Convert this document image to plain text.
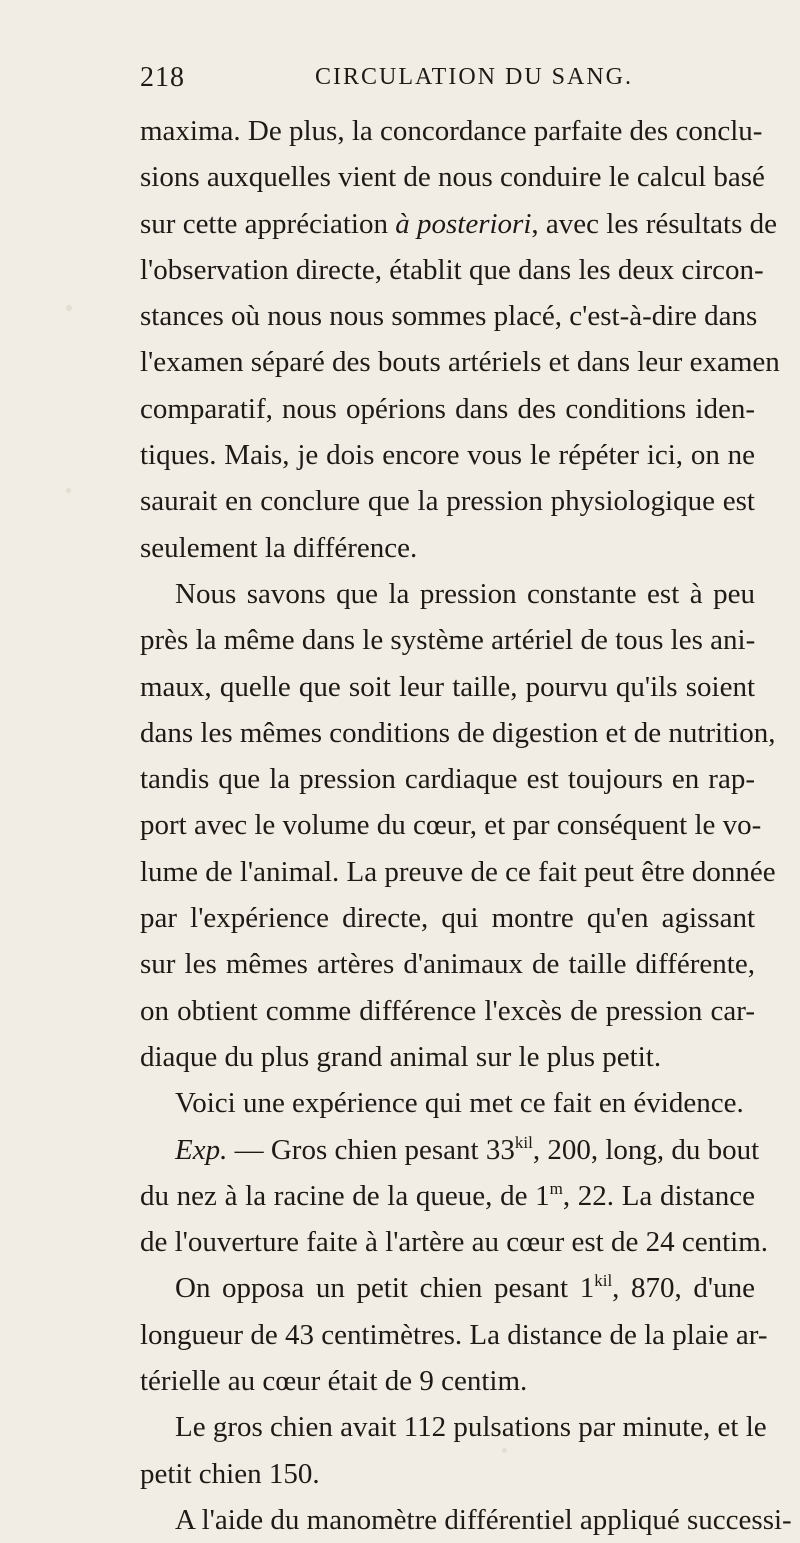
218	CIRCULATION DU SANG.
maxima. De plus, la concordance parfaite des conclu-
sions auxquelles vient de nous conduire le calcul basé
sur cette appréciation à posteriori, avec les résultats de
l'observation directe, établit que dans les deux circon-
stances où nous nous sommes placé, c'est-à-dire dans
l'examen séparé des bouts artériels et dans leur examen
comparatif, nous opérions dans des conditions iden-
tiques. Mais, je dois encore vous le répéter ici, on ne
saurait en conclure que la pression physiologique est
seulement la différence.
Nous savons que la pression constante est à peu
près la même dans le système artériel de tous les ani-
maux, quelle que soit leur taille, pourvu qu'ils soient
dans les mêmes conditions de digestion et de nutrition,
tandis que la pression cardiaque est toujours en rap-
port avec le volume du cœur, et par conséquent le vo-
lume de l'animal. La preuve de ce fait peut être donnée
par l'expérience directe, qui montre qu'en agissant
sur les mêmes artères d'animaux de taille différente,
on obtient comme différence l'excès de pression car-
diaque du plus grand animal sur le plus petit.
Voici une expérience qui met ce fait en évidence.
Exp. — Gros chien pesant $33^{kil}$, 200, long, du bout
du nez à la racine de la queue, de 1$^m$, 22. La distance
de l'ouverture faite à l'artère au cœur est de 24 centim.
On opposa un petit chien pesant $1^{kil}$, 870, d'une
longueur de 43 centimètres. La distance de la plaie ar-
térielle au cœur était de 9 centim.
Le gros chien avait 112 pulsations par minute, et le
petit chien 150.
A l'aide du manomètre différentiel appliqué successi-
